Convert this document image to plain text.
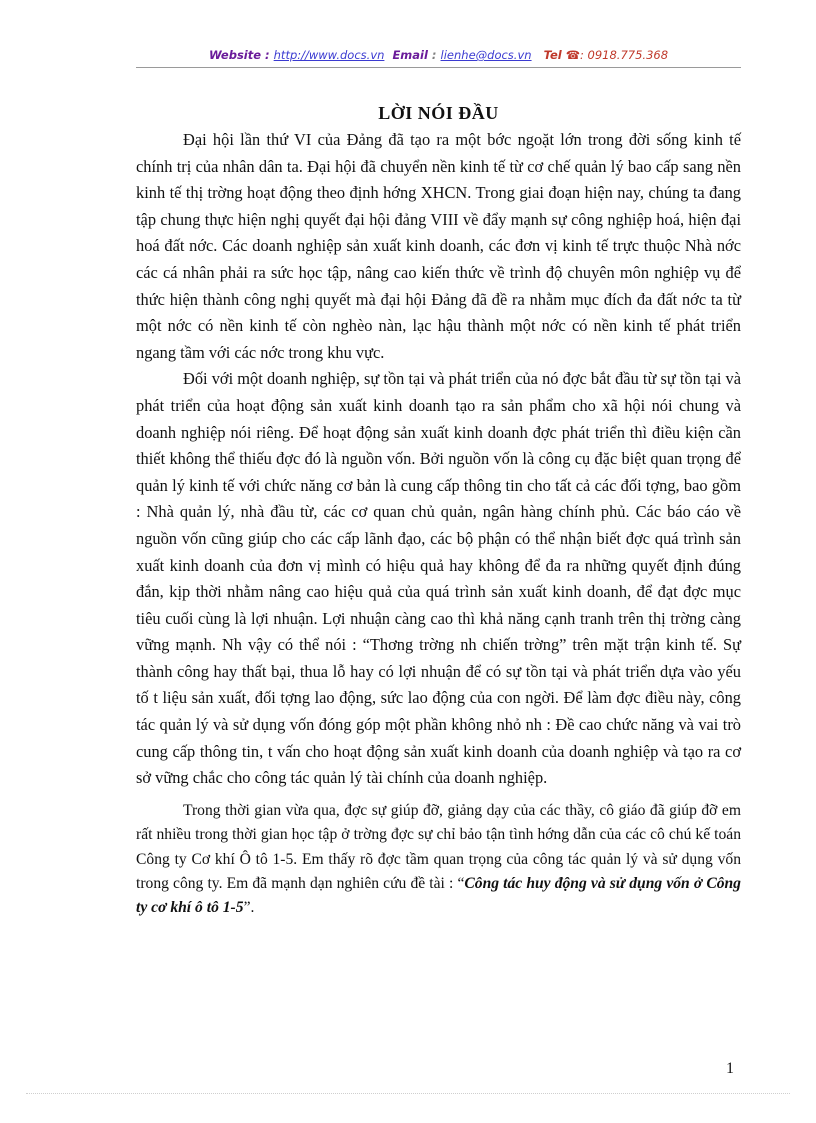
Website : http://www.docs.vn Email : lienhe@docs.vn Tel ☎: 0918.775.368
LỜI NÓI ĐẦU

Đại hội lần thứ VI của Đảng đã tạo ra một bớc ngoặt lớn trong đời sống kinh tế chính trị của nhân dân ta. Đại hội đã chuyển nền kinh tế từ cơ chế quản lý bao cấp sang nền kinh tế thị trờng hoạt động theo định hớng XHCN. Trong giai đoạn hiện nay, chúng ta đang tập chung thực hiện nghị quyết đại hội đảng VIII về đẩy mạnh sự công nghiệp hoá, hiện đại hoá đất nớc. Các doanh nghiệp sản xuất kinh doanh, các đơn vị kinh tế trực thuộc Nhà nớc các cá nhân phải ra sức học tập, nâng cao kiến thức về trình độ chuyên môn nghiệp vụ để thức hiện thành công nghị quyết mà đại hội Đảng đã đề ra nhằm mục đích đa đất nớc ta từ một nớc có nền kinh tế còn nghèo nàn, lạc hậu thành một nớc có nền kinh tế phát triển ngang tầm với các nớc trong khu vực.

Đối với một doanh nghiệp, sự tồn tại và phát triển của nó đợc bắt đầu từ sự tồn tại và phát triển của hoạt động sản xuất kinh doanh tạo ra sản phẩm cho xã hội nói chung và doanh nghiệp nói riêng. Để hoạt động sản xuất kinh doanh đợc phát triển thì điều kiện cần thiết không thể thiếu đợc đó là nguồn vốn. Bởi nguồn vốn là công cụ đặc biệt quan trọng để quản lý kinh tế với chức năng cơ bản là cung cấp thông tin cho tất cả các đối tợng, bao gồm : Nhà quản lý, nhà đầu từ, các cơ quan chủ quản, ngân hàng chính phủ. Các báo cáo về nguồn vốn cũng giúp cho các cấp lãnh đạo, các bộ phận có thể nhận biết đợc quá trình sản xuất kinh doanh của đơn vị mình có hiệu quả hay không để đa ra những quyết định đúng đắn, kịp thời nhằm nâng cao hiệu quả của quá trình sản xuất kinh doanh, để đạt đợc mục tiêu cuối cùng là lợi nhuận. Lợi nhuận càng cao thì khả năng cạnh tranh trên thị trờng càng vững mạnh. Nh vậy có thể nói : “Thơng trờng nh chiến trờng” trên mặt trận kinh tế. Sự thành công hay thất bại, thua lỗ hay có lợi nhuận để có sự tồn tại và phát triển dựa vào yếu tố t liệu sản xuất, đối tợng lao động, sức lao động của con ngời. Để làm đợc điều này, công tác quản lý và sử dụng vốn đóng góp một phần không nhỏ nh : Đề cao chức năng và vai trò cung cấp thông tin, t vấn cho hoạt động sản xuất kinh doanh của doanh nghiệp và tạo ra cơ sở vững chắc cho công tác quản lý tài chính của doanh nghiệp.

Trong thời gian vừa qua, đợc sự giúp đỡ, giảng dạy của các thầy, cô giáo đã giúp đỡ em rất nhiều trong thời gian học tập ở trờng đợc sự chỉ bảo tận tình hớng dẫn của các cô chú kế toán Công ty Cơ khí Ô tô 1-5. Em thấy rõ đợc tầm quan trọng của công tác quản lý và sử dụng vốn trong công ty. Em đã mạnh dạn nghiên cứu đề tài : “Công tác huy động và sử dụng vốn ở Công ty cơ khí ô tô 1-5”.

1
